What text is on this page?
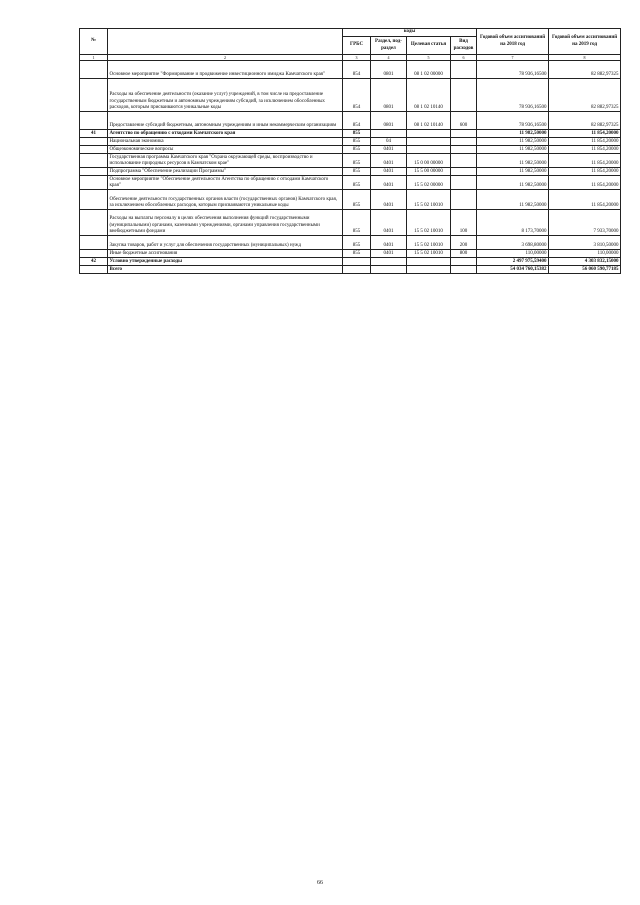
№		коды				Годовой объем ассигнований на 2018 год	Годовой объем ассигнований на 2019 год
		ГРБС	Раздел, под-раздел	Целевая статья	Вид расходов		
1	2	3	4	5	6	7	8
	Основное мероприятие "Формирование и продвижение инвестиционного имиджа Камчатского края"	854	0801	08 1 02 00000		78 936,16500	82 882,97325
	Расходы на обеспечение деятельности (оказание услуг) учреждений, в том числе на предоставление государственным бюджетным и автономным учреждениям субсидий, за исключением обособленных расходов, которым присваиваются уникальные коды	854	0801	08 1 02 10140		78 936,16500	82 882,97325
	Предоставление субсидий бюджетным, автономным учреждениям и иным некоммерческим организациям	854	0801	08 1 02 10140	600	78 936,16500	82 882,97325
41	Агентство по обращению с отходами Камчатского края	855				11 982,50000	11 854,20000
	Национальная экономика	855	04			11 982,50000	11 854,20000
	Общеэкономические вопросы	855	0401			11 982,50000	11 854,20000
	Государственная программа Камчатского края "Охрана окружающей среды, воспроизводство и использование природных ресурсов в Камчатском крае"	855	0401	15 0 00 00000		11 982,50000	11 854,20000
	Подпрограмма "Обеспечение реализации Программы"	855	0401	15 5 00 00000		11 982,50000	11 854,20000
	Основное мероприятие "Обеспечение деятельности Агентства по обращению с отходами Камчатского края"	855	0401	15 5 02 00000		11 982,50000	11 854,20000
	Обеспечение деятельности государственных органов власти (государственных органов) Камчатского края, за исключением обособленных расходов, которым присваиваются уникальные коды	855	0401	15 5 02 10010		11 982,50000	11 854,20000
	Расходы на выплаты персоналу в целях обеспечения выполнения функций государственными (муниципальными) органами, казенными учреждениями, органами управления государственными внебюджетными фондами	855	0401	15 5 02 10010	100	8 173,70000	7 933,70000
	Закупка товаров, работ и услуг для обеспечения государственных (муниципальных) нужд	855	0401	15 5 02 10010	200	3 698,80000	3 810,50000
	Иные бюджетные ассигнования	855	0401	15 5 02 10010	800	110,00000	110,00000
42	Условно утвержденные расходы					2 497 975,59400	4 303 832,15000
	Всего					54 034 760,15382	56 060 590,77185
66
